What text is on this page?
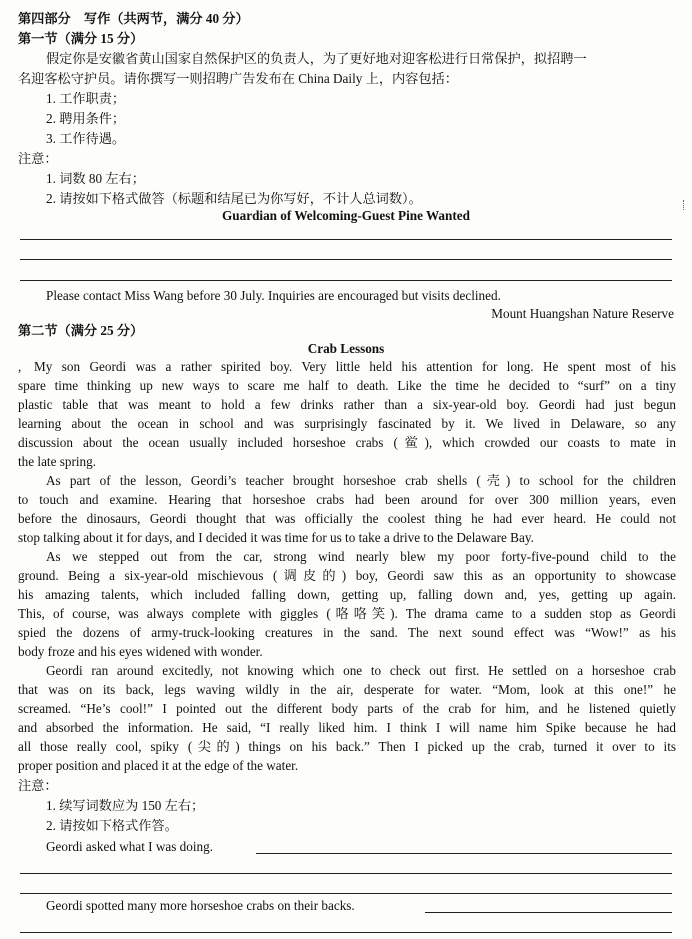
第四部分　写作（共两节，满分 40 分）
第一节（满分 15 分）
假定你是安徽省黄山国家自然保护区的负责人，为了更好地对迎客松进行日常保护，拟招聘一
名迎客松守护员。请你撰写一则招聘广告发布在 China Daily 上，内容包括：
1. 工作职责；
2. 聘用条件；
3. 工作待遇。
注意：
1. 词数 80 左右；
2. 请按如下格式做答（标题和结尾已为你写好，不计人总词数）。
Guardian of Welcoming-Guest Pine Wanted
Please contact Miss Wang before 30 July. Inquiries are encouraged but visits declined.
Mount Huangshan Nature Reserve
第二节（满分 25 分）
Crab Lessons
, My son Geordi was a rather spirited boy. Very little held his attention for long. He spent most of his
spare time thinking up new ways to scare me half to death. Like the time he decided to “surf” on a tiny
plastic table that was meant to hold a few drinks rather than a six-year-old boy. Geordi had just begun
learning about the ocean in school and was surprisingly fascinated by it. We lived in Delaware, so any
discussion about the ocean usually included horseshoe crabs (鲎), which crowded our coasts to mate in
the late spring.
As part of the lesson, Geordi’s teacher brought horseshoe crab shells (壳) to school for the children
to touch and examine. Hearing that horseshoe crabs had been around for over 300 million years, even
before the dinosaurs, Geordi thought that was officially the coolest thing he had ever heard. He could not
stop talking about it for days, and I decided it was time for us to take a drive to the Delaware Bay.
As we stepped out from the car, strong wind nearly blew my poor forty-five-pound child to the
ground. Being a six-year-old mischievous (调皮的) boy, Geordi saw this as an opportunity to showcase
his amazing talents, which included falling down, getting up, falling down and, yes, getting up again.
This, of course, was always complete with giggles (咯咯笑). The drama came to a sudden stop as Geordi
spied the dozens of army-truck-looking creatures in the sand. The next sound effect was “Wow!” as his
body froze and his eyes widened with wonder.
Geordi ran around excitedly, not knowing which one to check out first. He settled on a horseshoe crab
that was on its back, legs waving wildly in the air, desperate for water. “Mom, look at this one!” he
screamed. “He’s cool!” I pointed out the different body parts of the crab for him, and he listened quietly
and absorbed the information. He said, “I really liked him. I think I will name him Spike because he had
all those really cool, spiky (尖的) things on his back.” Then I picked up the crab, turned it over to its
proper position and placed it at the edge of the water.
注意：
1. 续写词数应为 150 左右；
2. 请按如下格式作答。
Geordi asked what I was doing.
Geordi spotted many more horseshoe crabs on their backs.
